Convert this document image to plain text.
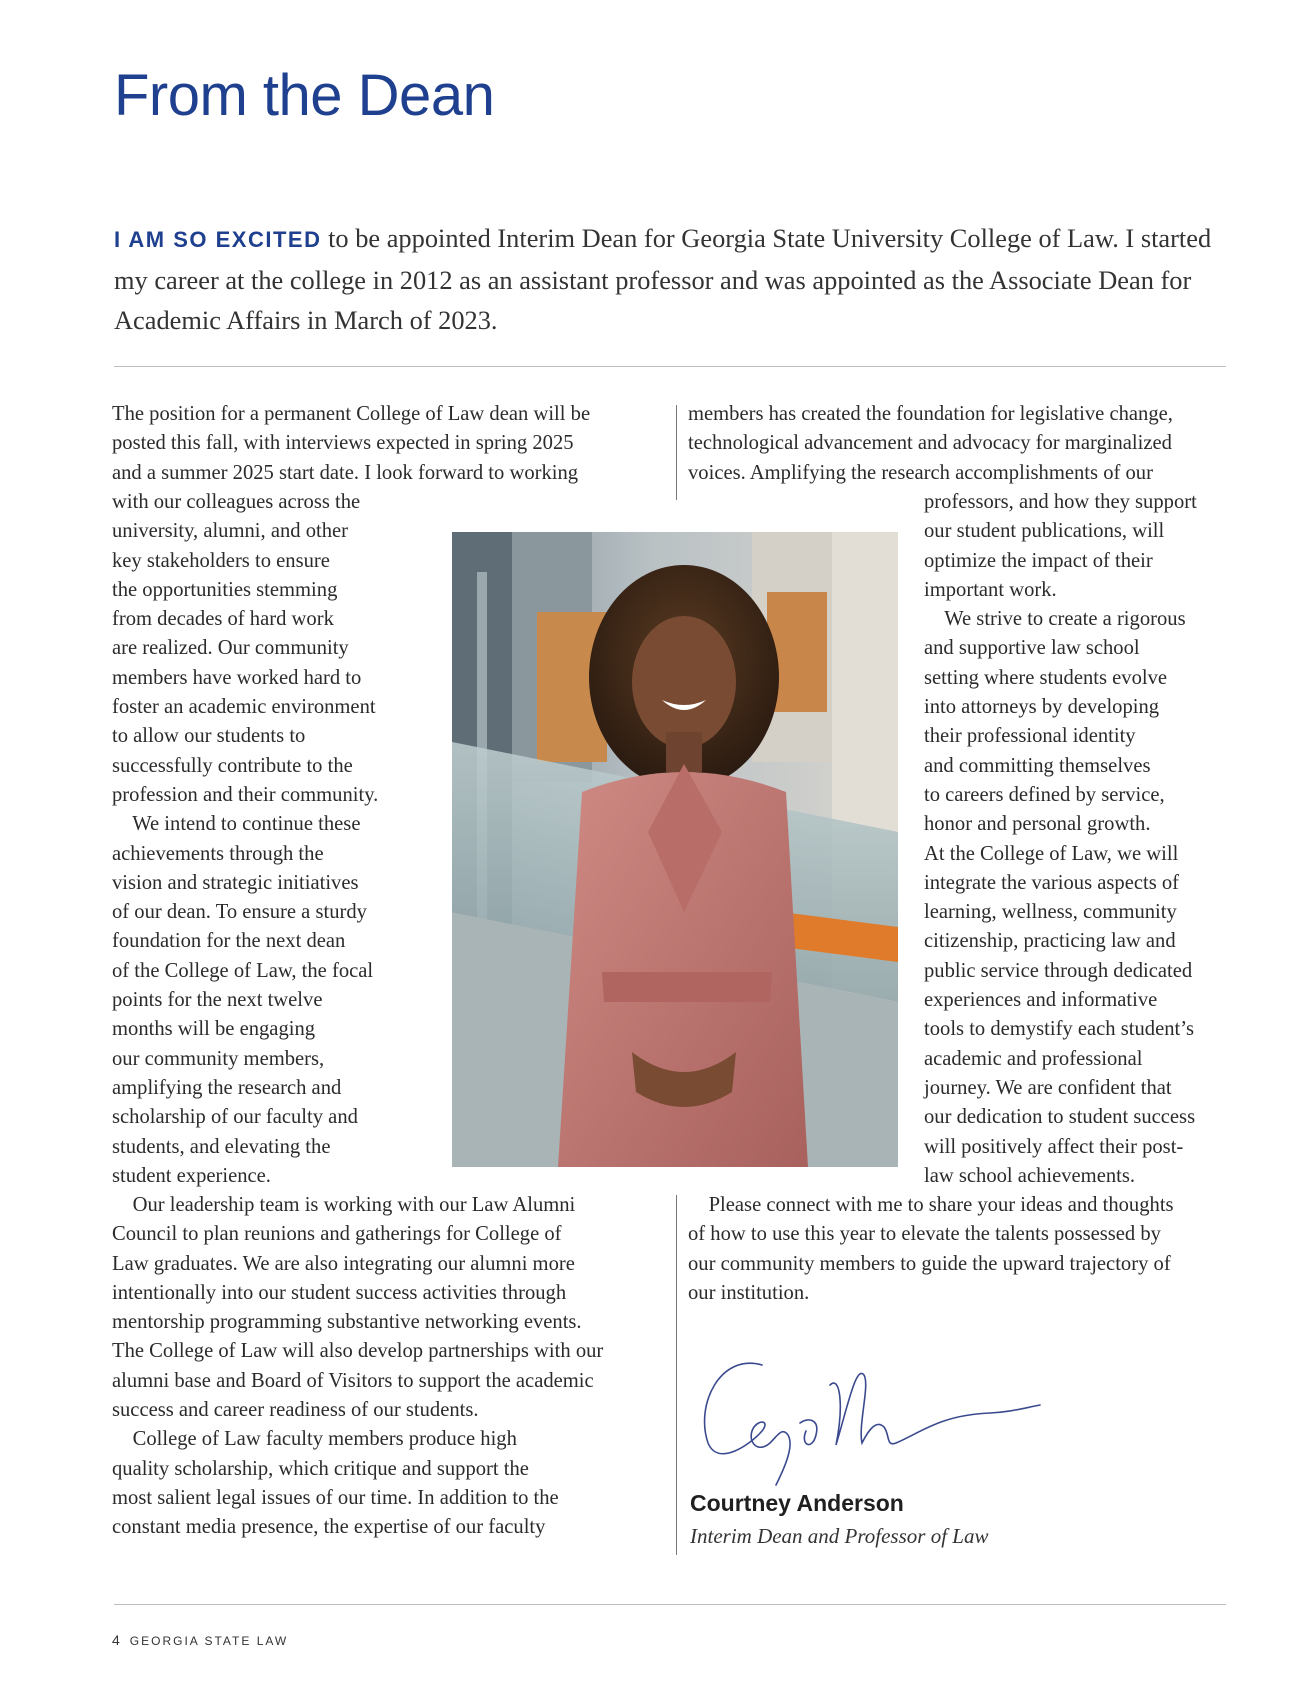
From the Dean

I AM SO EXCITED to be appointed Interim Dean for Georgia State University College of Law. I started my career at the college in 2012 as an assistant professor and was appointed as the Associate Dean for Academic Affairs in March of 2023.

The position for a permanent College of Law dean will be
posted this fall, with interviews expected in spring 2025
and a summer 2025 start date. I look forward to working

with our colleagues across the
university, alumni, and other
key stakeholders to ensure
the opportunities stemming
from decades of hard work
are realized. Our community
members have worked hard to
foster an academic environment
to allow our students to
successfully contribute to the
profession and their community.
We intend to continue these
achievements through the
vision and strategic initiatives
of our dean. To ensure a sturdy
foundation for the next dean
of the College of Law, the focal
points for the next twelve
months will be engaging
our community members,
amplifying the research and
scholarship of our faculty and
students, and elevating the
student experience.

Our leadership team is working with our Law Alumni
Council to plan reunions and gatherings for College of
Law graduates. We are also integrating our alumni more
intentionally into our student success activities through
mentorship programming substantive networking events.
The College of Law will also develop partnerships with our
alumni base and Board of Visitors to support the academic
success and career readiness of our students.
College of Law faculty members produce high
quality scholarship, which critique and support the
most salient legal issues of our time. In addition to the
constant media presence, the expertise of our faculty

members has created the foundation for legislative change,
technological advancement and advocacy for marginalized
voices. Amplifying the research accomplishments of our

professors, and how they support
our student publications, will
optimize the impact of their
important work.
We strive to create a rigorous
and supportive law school
setting where students evolve
into attorneys by developing
their professional identity
and committing themselves
to careers defined by service,
honor and personal growth.
At the College of Law, we will
integrate the various aspects of
learning, wellness, community
citizenship, practicing law and
public service through dedicated
experiences and informative
tools to demystify each student’s
academic and professional
journey. We are confident that
our dedication to student success
will positively affect their post-
law school achievements.

Please connect with me to share your ideas and thoughts
of how to use this year to elevate the talents possessed by
our community members to guide the upward trajectory of
our institution.

Courtney Anderson

Interim Dean and Professor of Law

4 GEORGIA STATE LAW
